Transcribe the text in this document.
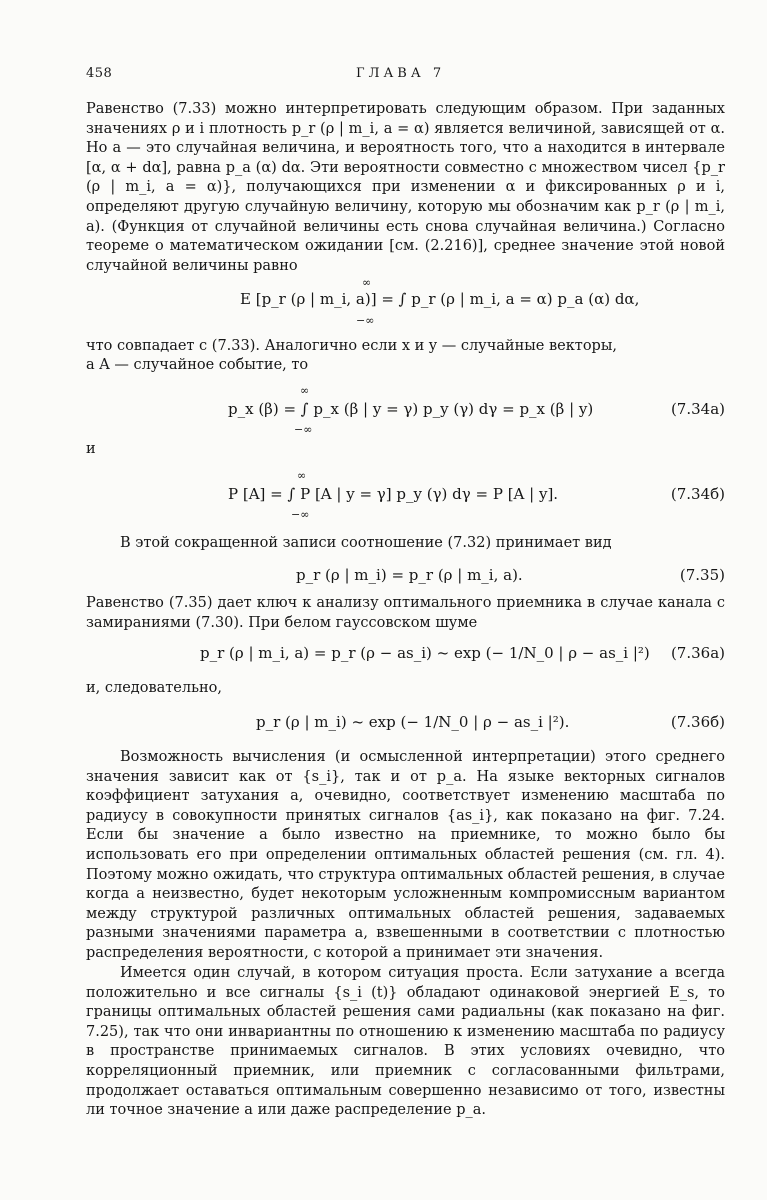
458	ГЛАВА 7

Равенство (7.33) можно интерпретировать следующим образом. При заданных значениях ρ и i плотность p_r (ρ | m_i, a = α) является величиной, зависящей от α. Но a — это случайная величина, и вероятность того, что a находится в интервале [α, α + dα], равна p_a (α) dα. Эти вероятности совместно с множеством чисел {p_r (ρ | m_i, a = α)}, получающихся при изменении α и фиксированных ρ и i, определяют другую случайную величину, которую мы обозначим как p_r (ρ | m_i, a). (Функция от случайной величины есть снова случайная величина.) Согласно теореме о математическом ожидании [см. (2.216)], среднее значение этой новой случайной величины равно

E [p_r (ρ | m_i, a)] = ∫ p_r (ρ | m_i, a = α) p_a (α) dα,
∞
−∞
что совпадает с (7.33). Аналогично если x и y — случайные векторы,
а A — случайное событие, то
p_x (β) = ∫ p_x (β | y = γ) p_y (γ) dγ = p_x (β | y)
∞
−∞
(7.34а)
и
P [A] = ∫ P [A | y = γ] p_y (γ) dγ = P [A | y].
∞
−∞
(7.34б)
В этой сокращенной записи соотношение (7.32) принимает вид
p_r (ρ | m_i) = p_r (ρ | m_i, a).	(7.35)

Равенство (7.35) дает ключ к анализу оптимального приемника в случае канала с замираниями (7.30). При белом гауссовском шуме

p_r (ρ | m_i, a) = p_r (ρ − as_i) ~ exp (− 1/N_0 | ρ − as_i |²) (7.36а)
и, следовательно,
p_r (ρ | m_i) ~ exp (− 1/N_0 | ρ − as_i |²).	(7.36б)

Возможность вычисления (и осмысленной интерпретации) этого среднего значения зависит как от {s_i}, так и от p_a. На языке векторных сигналов коэффициент затухания a, очевидно, соответствует изменению масштаба по радиусу в совокупности принятых сигналов {as_i}, как показано на фиг. 7.24. Если бы значение a было известно на приемнике, то можно было бы использовать его при определении оптимальных областей решения (см. гл. 4). Поэтому можно ожидать, что структура оптимальных областей решения, в случае когда a неизвестно, будет некоторым усложненным компромиссным вариантом между структурой различных оптимальных областей решения, задаваемых разными значениями параметра a, взвешенными в соответствии с плотностью распределения вероятности, с которой a принимает эти значения.

Имеется один случай, в котором ситуация проста. Если затухание a всегда положительно и все сигналы {s_i (t)} обладают одинаковой энергией E_s, то границы оптимальных областей решения сами радиальны (как показано на фиг. 7.25), так что они инвариантны по отношению к изменению масштаба по радиусу в пространстве принимаемых сигналов. В этих условиях очевидно, что корреляционный приемник, или приемник с согласованными фильтрами, продолжает оставаться оптимальным совершенно независимо от того, известны ли точное значение a или даже распределение p_a.
